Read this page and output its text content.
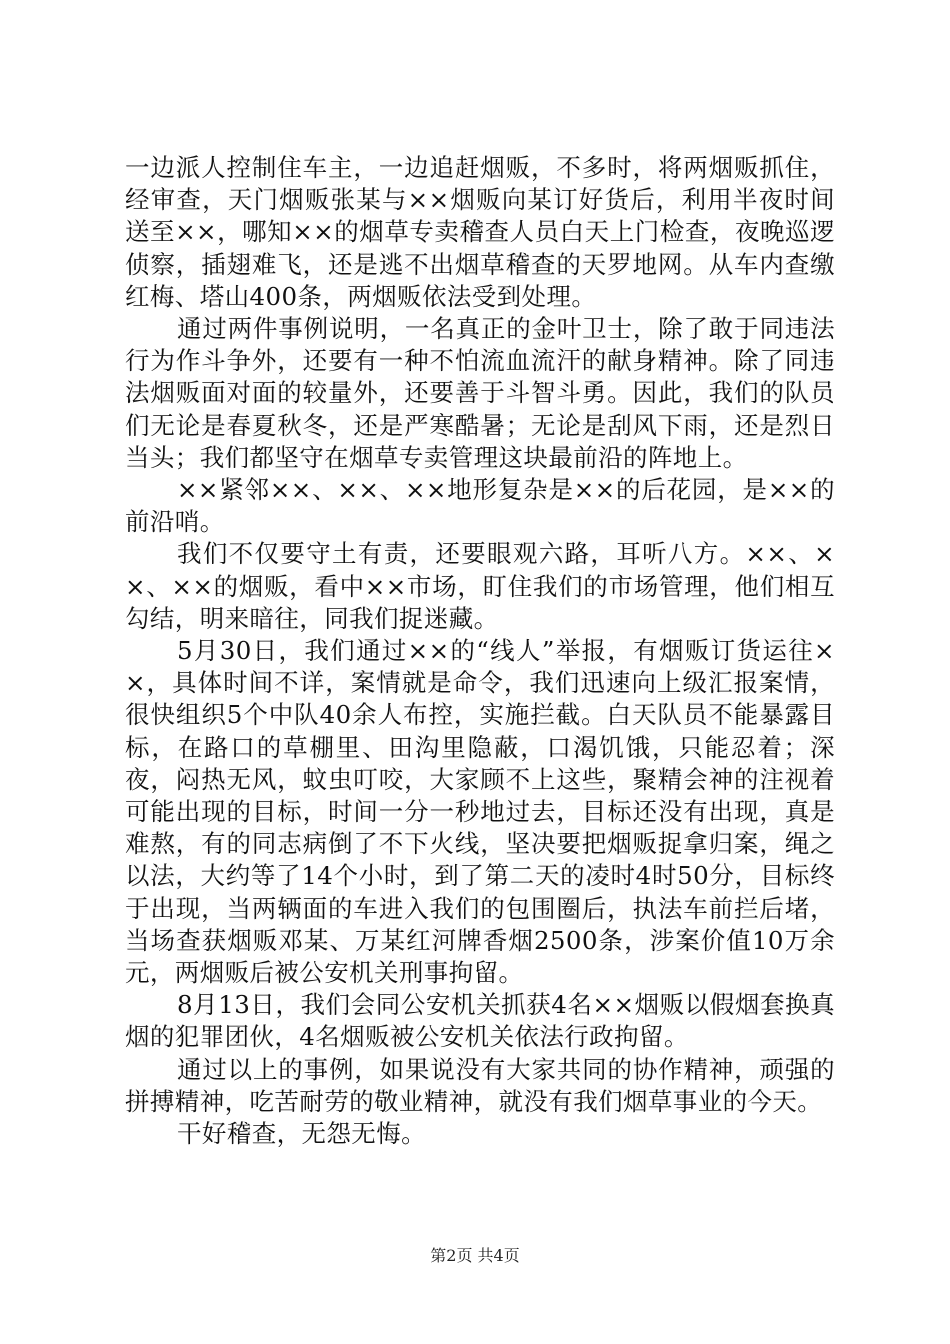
一边派人控制住车主，一边追赶烟贩，不多时，将两烟贩抓住，经审查，天门烟贩张某与××烟贩向某订好货后，利用半夜时间送至××，哪知××的烟草专卖稽查人员白天上门检查，夜晚巡逻侦察，插翅难飞，还是逃不出烟草稽查的天罗地网。从车内查缴红梅、塔山400条，两烟贩依法受到处理。

通过两件事例说明，一名真正的金叶卫士，除了敢于同违法行为作斗争外，还要有一种不怕流血流汗的献身精神。除了同违法烟贩面对面的较量外，还要善于斗智斗勇。因此，我们的队员们无论是春夏秋冬，还是严寒酷暑；无论是刮风下雨，还是烈日当头；我们都坚守在烟草专卖管理这块最前沿的阵地上。

××紧邻××、××、××地形复杂是××的后花园，是××的前沿哨。

我们不仅要守土有责，还要眼观六路，耳听八方。××、××、××的烟贩，看中××市场，盯住我们的市场管理，他们相互勾结，明来暗往，同我们捉迷藏。

5月30日，我们通过××的“线人”举报，有烟贩订货运往××，具体时间不详，案情就是命令，我们迅速向上级汇报案情，很快组织5个中队40余人布控，实施拦截。白天队员不能暴露目标，在路口的草棚里、田沟里隐蔽，口渴饥饿，只能忍着；深夜，闷热无风，蚊虫叮咬，大家顾不上这些，聚精会神的注视着可能出现的目标，时间一分一秒地过去，目标还没有出现，真是难熬，有的同志病倒了不下火线，坚决要把烟贩捉拿归案，绳之以法，大约等了14个小时，到了第二天的凌时4时50分，目标终于出现，当两辆面的车进入我们的包围圈后，执法车前拦后堵，当场查获烟贩邓某、万某红河牌香烟2500条，涉案价值10万余元，两烟贩后被公安机关刑事拘留。

8月13日，我们会同公安机关抓获4名××烟贩以假烟套换真烟的犯罪团伙，4名烟贩被公安机关依法行政拘留。

通过以上的事例，如果说没有大家共同的协作精神，顽强的拼搏精神，吃苦耐劳的敬业精神，就没有我们烟草事业的今天。

干好稽查，无怨无悔。

第2页 共4页
